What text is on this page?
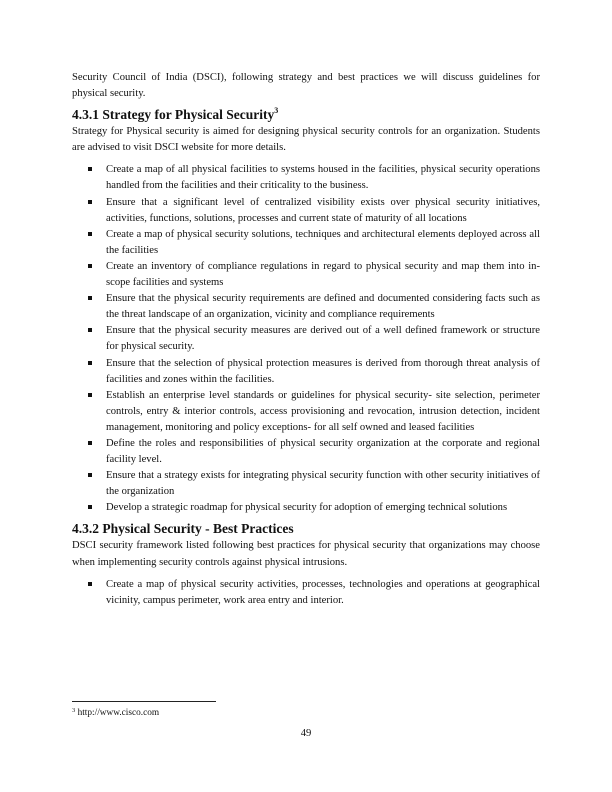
Security Council of India (DSCI), following strategy and best practices we will discuss guidelines for physical security.

4.3.1 Strategy for Physical Security$^3$

Strategy for Physical security is aimed for designing physical security controls for an organization. Students are advised to visit DSCI website for more details.

Create a map of all physical facilities to systems housed in the facilities, physical security operations handled from the facilities and their criticality to the business.
Ensure that a significant level of centralized visibility exists over physical security initiatives, activities, functions, solutions, processes and current state of maturity of all locations
Create a map of physical security solutions, techniques and architectural elements deployed across all the facilities
Create an inventory of compliance regulations in regard to physical security and map them into in-scope facilities and systems
Ensure that the physical security requirements are defined and documented considering facts such as the threat landscape of an organization, vicinity and compliance requirements
Ensure that the physical security measures are derived out of a well defined framework or structure for physical security.
Ensure that the selection of physical protection measures is derived from thorough threat analysis of facilities and zones within the facilities.
Establish an enterprise level standards or guidelines for physical security- site selection, perimeter controls, entry & interior controls, access provisioning and revocation, intrusion detection, incident management, monitoring and policy exceptions- for all self owned and leased facilities
Define the roles and responsibilities of physical security organization at the corporate and regional facility level.
Ensure that a strategy exists for integrating physical security function with other security initiatives of the organization
Develop a strategic roadmap for physical security for adoption of emerging technical solutions
4.3.2 Physical Security - Best Practices

DSCI security framework listed following best practices for physical security that organizations may choose when implementing security controls against physical intrusions.

Create a map of physical security activities, processes, technologies and operations at geographical vicinity, campus perimeter, work area entry and interior.
$^3$ http://www.cisco.com
49
